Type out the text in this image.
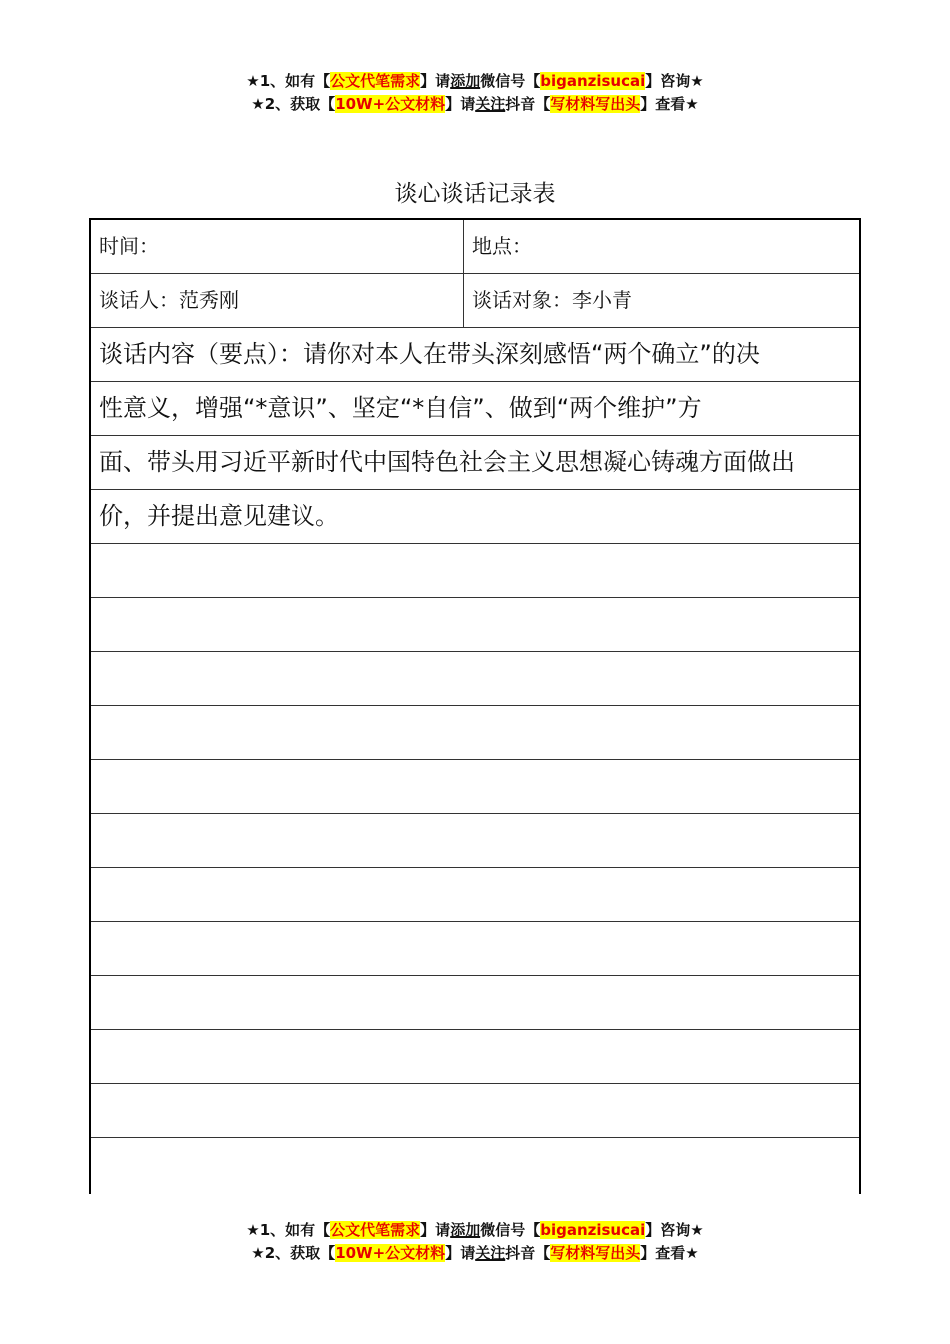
★1、如有【公文代笔需求】请添加微信号【biganzisucai】咨询★
★2、获取【10W+公文材料】请关注抖音【写材料写出头】查看★
谈心谈话记录表
时间：	地点：
谈话人：范秀刚	谈话对象：李小青
谈话内容（要点）：请你对本人在带头深刻感悟“两个确立”的决
性意义，增强“*意识”、坚定“*自信”、做到“两个维护”方
面、带头用习近平新时代中国特色社会主义思想凝心铸魂方面做出
价，并提出意见建议。
★1、如有【公文代笔需求】请添加微信号【biganzisucai】咨询★
★2、获取【10W+公文材料】请关注抖音【写材料写出头】查看★
